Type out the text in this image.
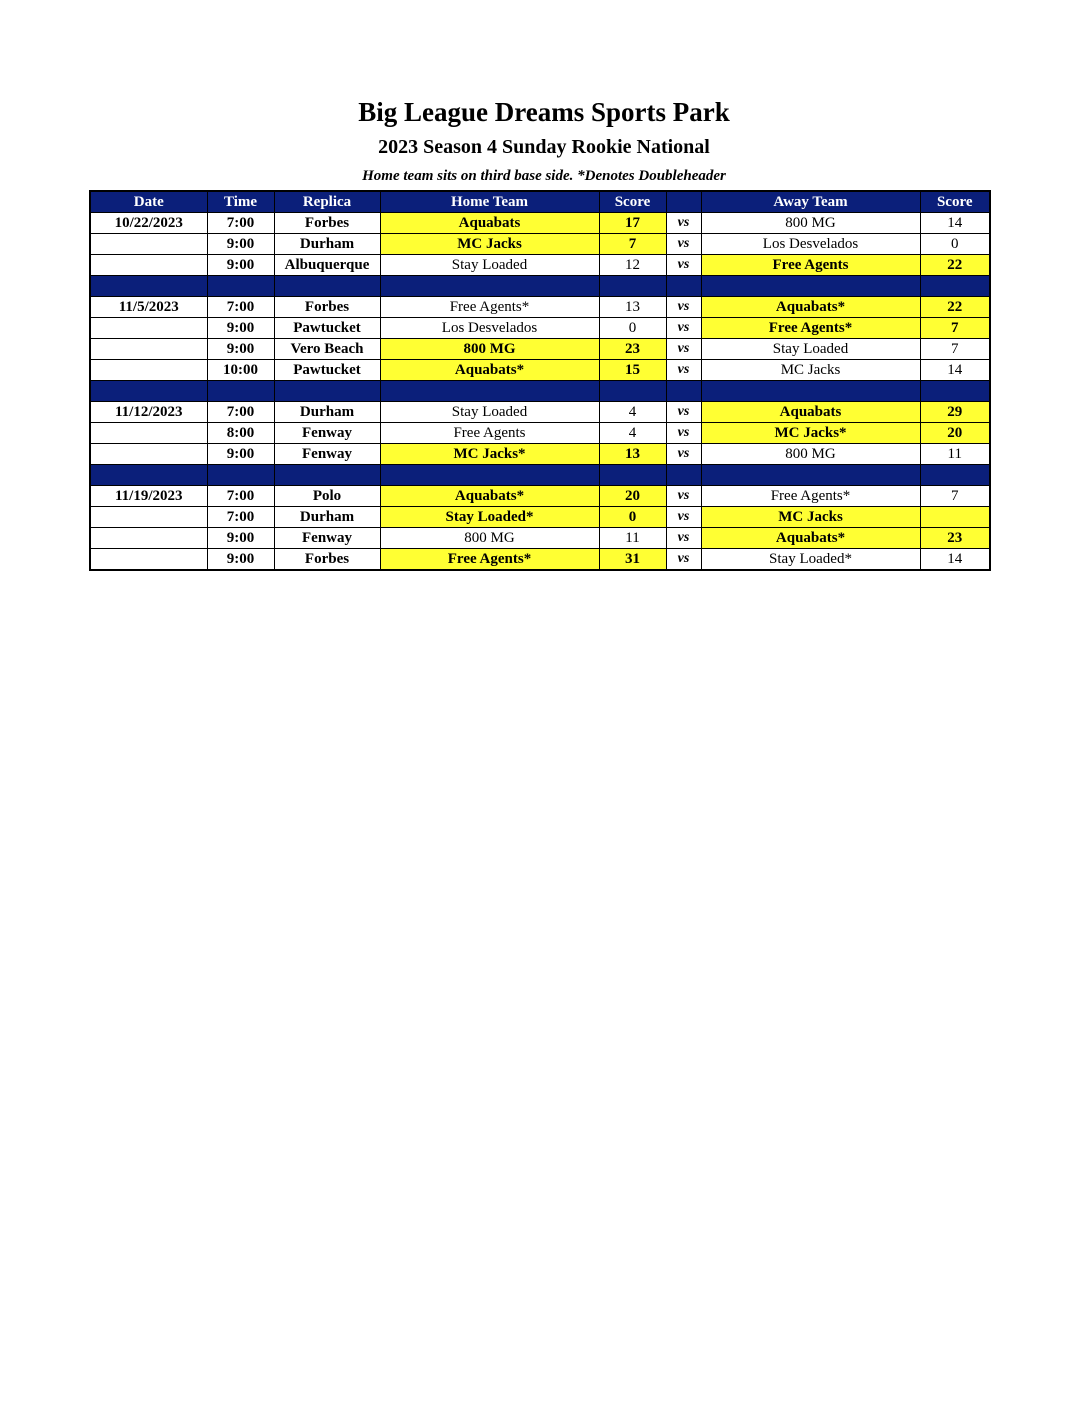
Big League Dreams Sports Park
2023 Season 4 Sunday Rookie National
Home team sits on third base side. *Denotes Doubleheader
Date	Time	Replica	Home Team	Score		Away Team	Score
10/22/2023	7:00	Forbes	Aquabats	17	vs	800 MG	14
	9:00	Durham	MC Jacks	7	vs	Los Desvelados	0
	9:00	Albuquerque	Stay Loaded	12	vs	Free Agents	22

11/5/2023	7:00	Forbes	Free Agents*	13	vs	Aquabats*	22
	9:00	Pawtucket	Los Desvelados	0	vs	Free Agents*	7
	9:00	Vero Beach	800 MG	23	vs	Stay Loaded	7
	10:00	Pawtucket	Aquabats*	15	vs	MC Jacks	14

11/12/2023	7:00	Durham	Stay Loaded	4	vs	Aquabats	29
	8:00	Fenway	Free Agents	4	vs	MC Jacks*	20
	9:00	Fenway	MC Jacks*	13	vs	800 MG	11

11/19/2023	7:00	Polo	Aquabats*	20	vs	Free Agents*	7
	7:00	Durham	Stay Loaded*	0	vs	MC Jacks	
	9:00	Fenway	800 MG	11	vs	Aquabats*	23
	9:00	Forbes	Free Agents*	31	vs	Stay Loaded*	14
